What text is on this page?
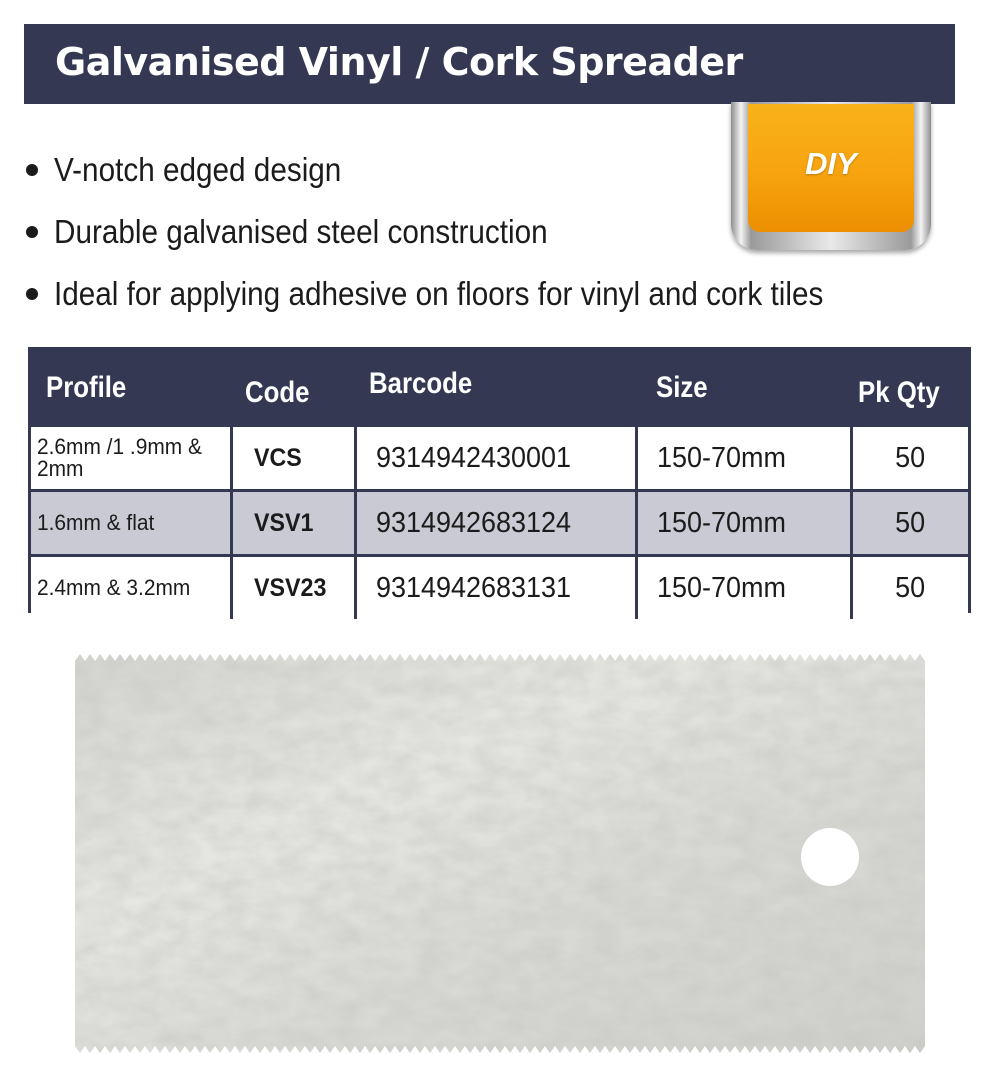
Galvanised Vinyl / Cork Spreader
DIY
V-notch edged design
Durable galvanised steel construction
Ideal for applying adhesive on floors for vinyl and cork tiles
Profile	Code	Barcode	Size	Pk Qty
2.6mm /1 .9mm & 2mm	VCS	9314942430001	150-70mm	50
1.6mm & flat	VSV1	9314942683124	150-70mm	50
2.4mm & 3.2mm	VSV23	9314942683131	150-70mm	50
